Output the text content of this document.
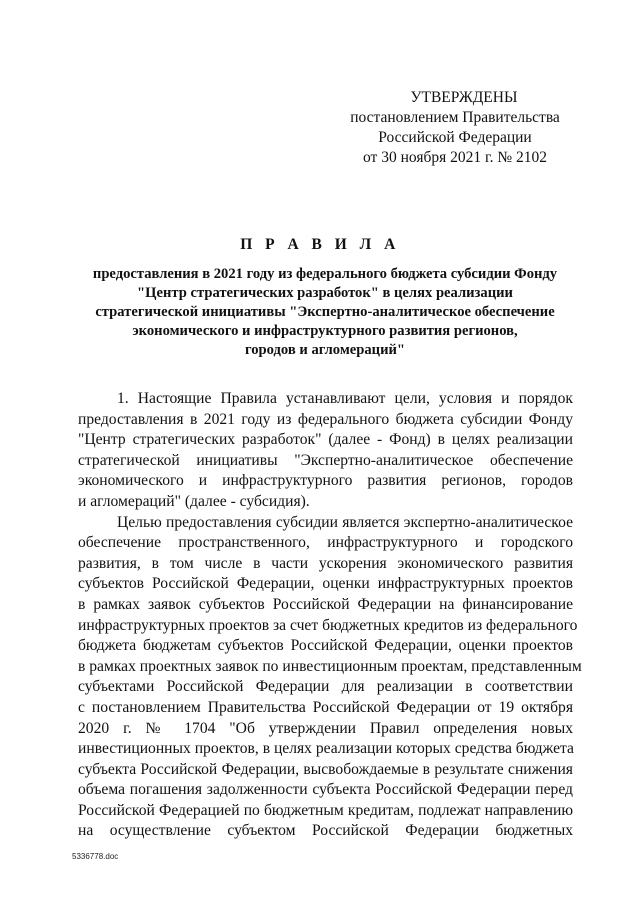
УТВЕРЖДЕНЫ
постановлением Правительства
Российской Федерации
от 30 ноября 2021 г. № 2102
П Р А В И Л А
предоставления в 2021 году из федерального бюджета субсидии Фонду
"Центр стратегических разработок" в целях реализации
стратегической инициативы "Экспертно-аналитическое обеспечение
экономического и инфраструктурного развития регионов,
городов и агломераций"
1. Настоящие Правила устанавливают цели, условия и порядок
предоставления в 2021 году из федерального бюджета субсидии Фонду
"Центр стратегических разработок" (далее - Фонд) в целях реализации
стратегической инициативы "Экспертно-аналитическое обеспечение
экономического и инфраструктурного развития регионов, городов
и агломераций" (далее - субсидия).
Целью предоставления субсидии является экспертно-аналитическое
обеспечение пространственного, инфраструктурного и городского
развития, в том числе в части ускорения экономического развития
субъектов Российской Федерации, оценки инфраструктурных проектов
в рамках заявок субъектов Российской Федерации на финансирование
инфраструктурных проектов за счет бюджетных кредитов из федерального
бюджета бюджетам субъектов Российской Федерации, оценки проектов
в рамках проектных заявок по инвестиционным проектам, представленным
субъектами Российской Федерации для реализации в соответствии
с постановлением Правительства Российской Федерации от 19 октября
2020 г. № 1704 "Об утверждении Правил определения новых
инвестиционных проектов, в целях реализации которых средства бюджета
субъекта Российской Федерации, высвобождаемые в результате снижения
объема погашения задолженности субъекта Российской Федерации перед
Российской Федерацией по бюджетным кредитам, подлежат направлению
на осуществление субъектом Российской Федерации бюджетных
5336778.doc
